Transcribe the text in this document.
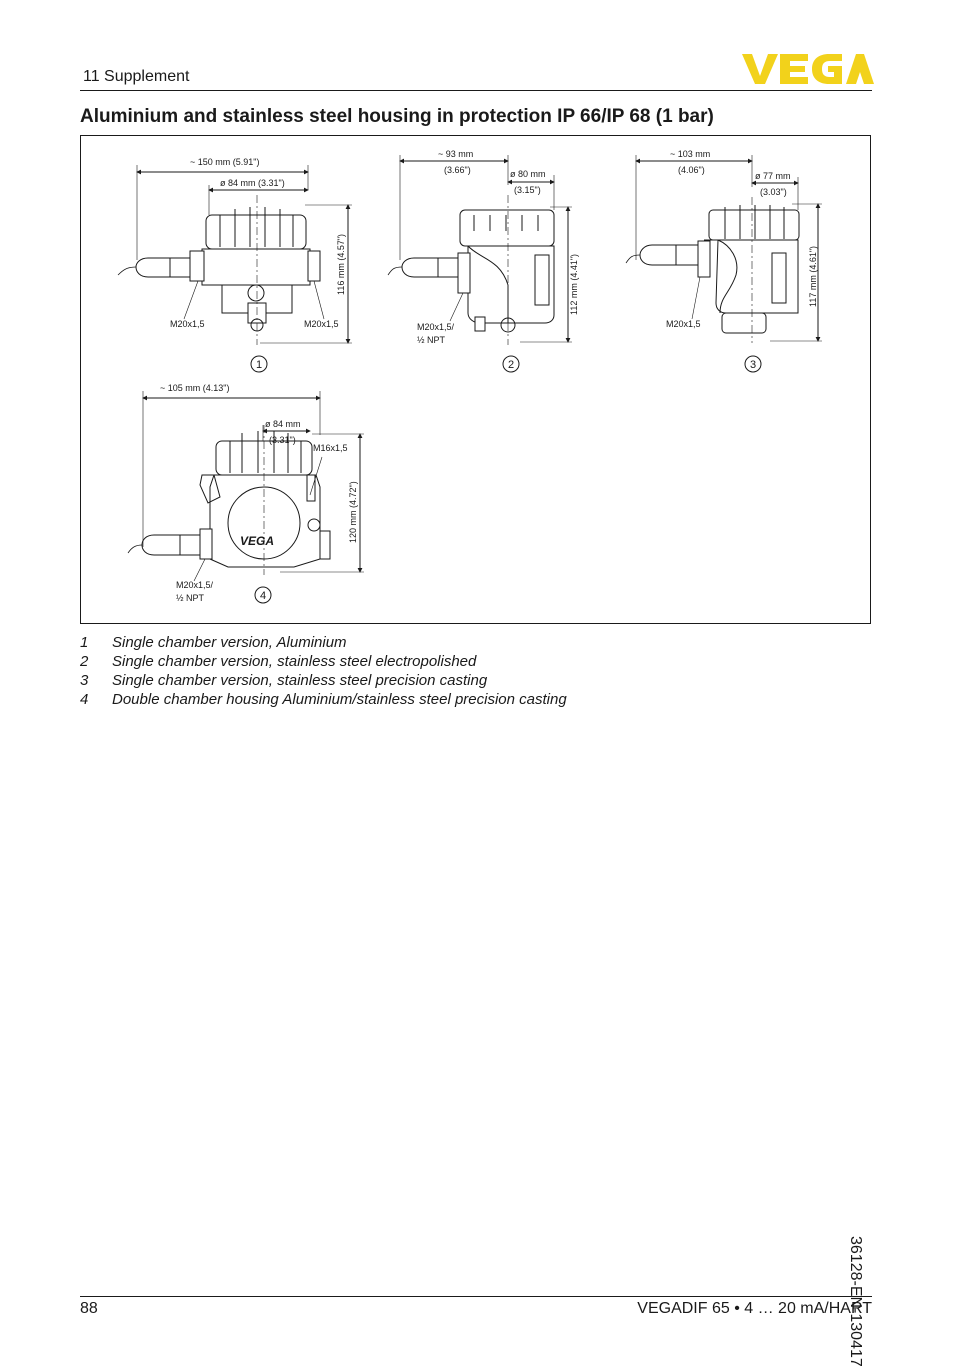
11 Supplement
Aluminium and stainless steel housing in protection IP 66/IP 68 (1 bar)
~ 150 mm (5.91")
ø 84 mm (3.31")
116 mm (4.57")
M20x1,5	M20x1,5
1
~ 93 mm
(3.66")	ø 80 mm
(3.15")
112 mm (4.41")
M20x1,5/
½ NPT
2
~ 103 mm
(4.06")
ø 77 mm
(3.03")
117 mm (4.61")
M20x1,5
3
~ 105 mm (4.13")
ø 84 mm
(3.31")
M16x1,5
120 mm (4.72")
VEGA
M20x1,5/
½ NPT	4
1	Single chamber version, Aluminium
2	Single chamber version, stainless steel electropolished
3	Single chamber version, stainless steel precision casting
4	Double chamber housing Aluminium/stainless steel precision casting
36128-EN-130417
88	VEGADIF 65 • 4 … 20 mA/HART
